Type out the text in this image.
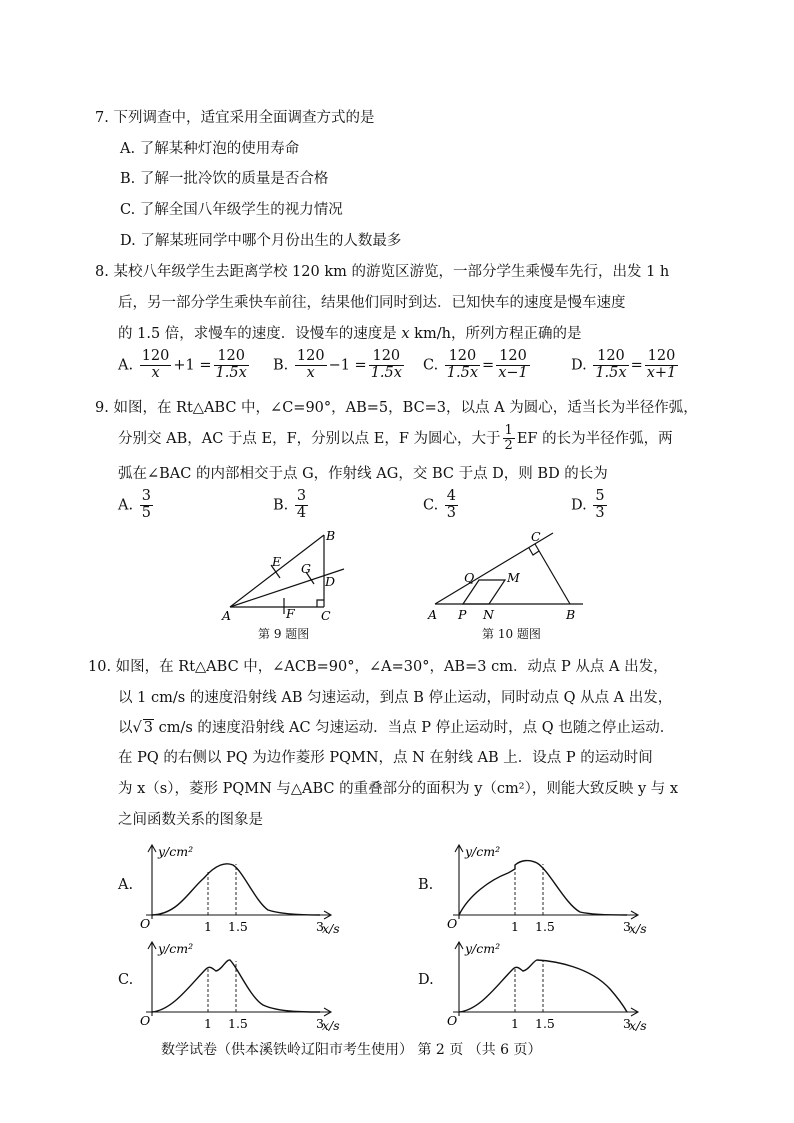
7. 下列调查中，适宜采用全面调查方式的是
A. 了解某种灯泡的使用寿命
B. 了解一批冷饮的质量是否合格
C. 了解全国八年级学生的视力情况
D. 了解某班同学中哪个月份出生的人数最多
8. 某校八年级学生去距离学校 120 km 的游览区游览，一部分学生乘慢车先行，出发 1 h
后，另一部分学生乘快车前往，结果他们同时到达．已知快车的速度是慢车速度
的 1.5 倍，求慢车的速度．设慢车的速度是 x km/h，所列方程正确的是
A. $\frac{120}{x} +1 = \frac{120}{1.5x} B$. $\frac{120}{x} -1 = \frac{120}{1.5x} C$. $\frac{120}{1.5x} = \frac{120}{x-1}$	D. $\frac{120}{1.5x} = \frac{120}{x+1}$
9. 如图，在 Rt△ABC 中，∠C=90°，AB=5，BC=3，以点 A 为圆心，适当长为半径作弧，
分别交 AB，AC 于点 E，F，分别以点 E，F 为圆心，大于 $\frac{1}{2}$ EF 的长为半径作弧，两
弧在∠BAC 的内部相交于点 G，作射线 AG，交 BC 于点 D，则 BD 的长为
A. $\frac{3}{5}$	B. $\frac{3}{4}$	C. $\frac{4}{3}$	D. $\frac{5}{3}$
A
B
C
D
E
F
G
第 9 题图
A	B
C
P
Q	M
N
第 10 题图
10. 如图，在 Rt△ABC 中，∠ACB=90°，∠A=30°，AB=3 cm．动点 P 从点 A 出发，
以 1 cm/s 的速度沿射线 AB 匀速运动，到点 B 停止运动，同时动点 Q 从点 A 出发，
以√ 3 cm/s 的速度沿射线 AC 匀速运动．当点 P 停止运动时，点 Q 也随之停止运动．
在 PQ 的右侧以 PQ 为边作菱形 PQMN，点 N 在射线 AB 上．设点 P 的运动时间
为 x（s），菱形 PQMN 与△ABC 的重叠部分的面积为 y（cm²），则能大致反映 y 与 x
之间函数关系的图象是
A.	B.
C.	D.
y/cm²
O	1 1.5	3
x/s
y/cm²
O	1 1.5	3
x/s
y/cm²
O	1 1.5	3
x/s
y/cm²
O	1 1.5	3
x/s
数学试卷（供本溪铁岭辽阳市考生使用） 第 2 页 （共 6 页）
